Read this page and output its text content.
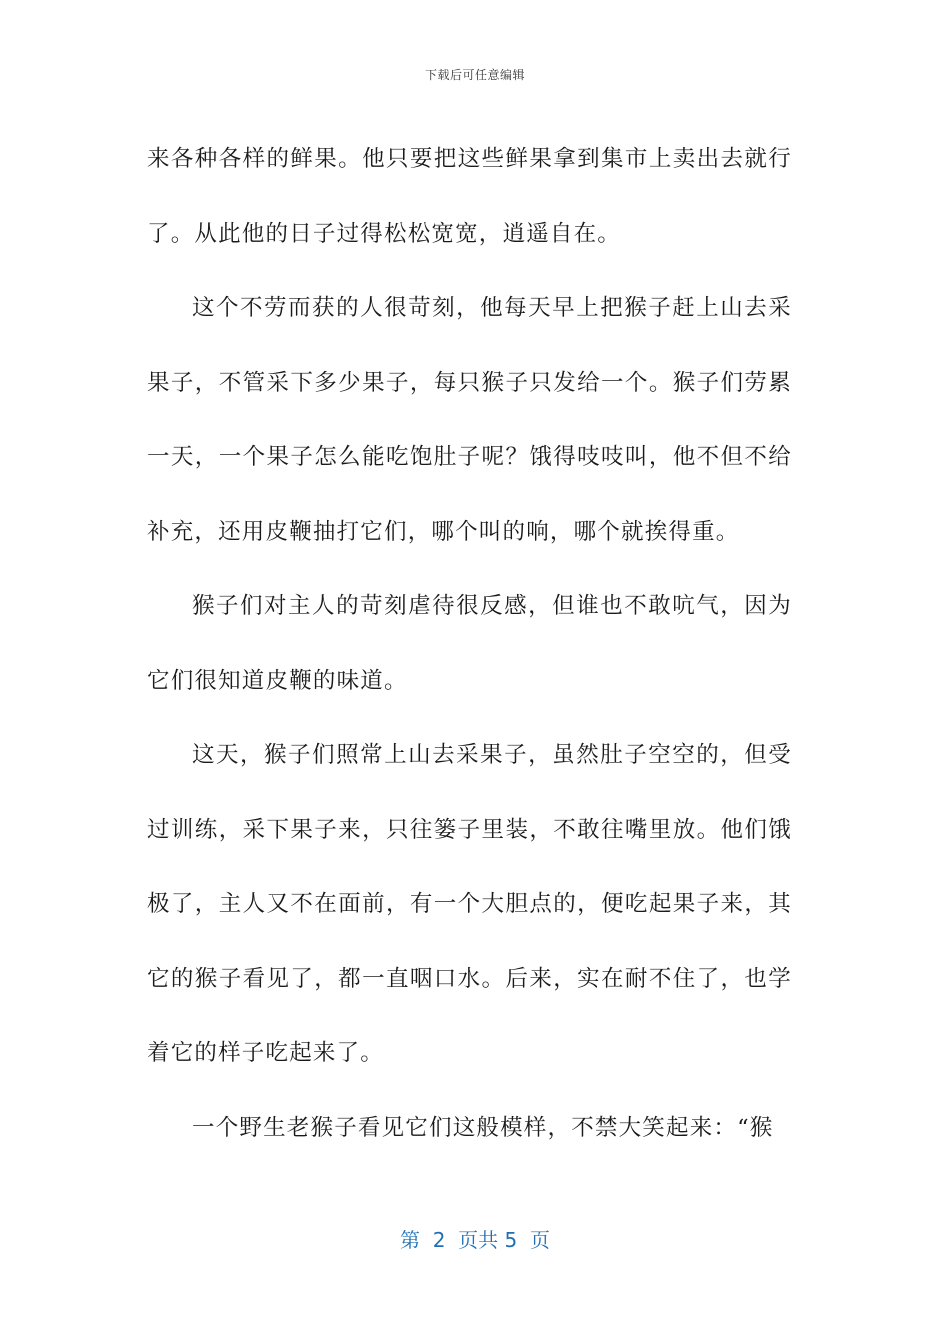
下载后可任意编辑

来各种各样的鲜果。他只要把这些鲜果拿到集市上卖出去就行了。从此他的日子过得松松宽宽，逍遥自在。

这个不劳而获的人很苛刻，他每天早上把猴子赶上山去采果子，不管采下多少果子，每只猴子只发给一个。猴子们劳累一天，一个果子怎么能吃饱肚子呢？饿得吱吱叫，他不但不给补充，还用皮鞭抽打它们，哪个叫的响，哪个就挨得重。

猴子们对主人的苛刻虐待很反感，但谁也不敢吭气，因为它们很知道皮鞭的味道。

这天，猴子们照常上山去采果子，虽然肚子空空的，但受过训练，采下果子来，只往篓子里装，不敢往嘴里放。他们饿极了，主人又不在面前，有一个大胆点的，便吃起果子来，其它的猴子看见了，都一直咽口水。后来，实在耐不住了，也学着它的样子吃起来了。

一个野生老猴子看见它们这般模样，不禁大笑起来：“猴

第  2  页共 5  页
